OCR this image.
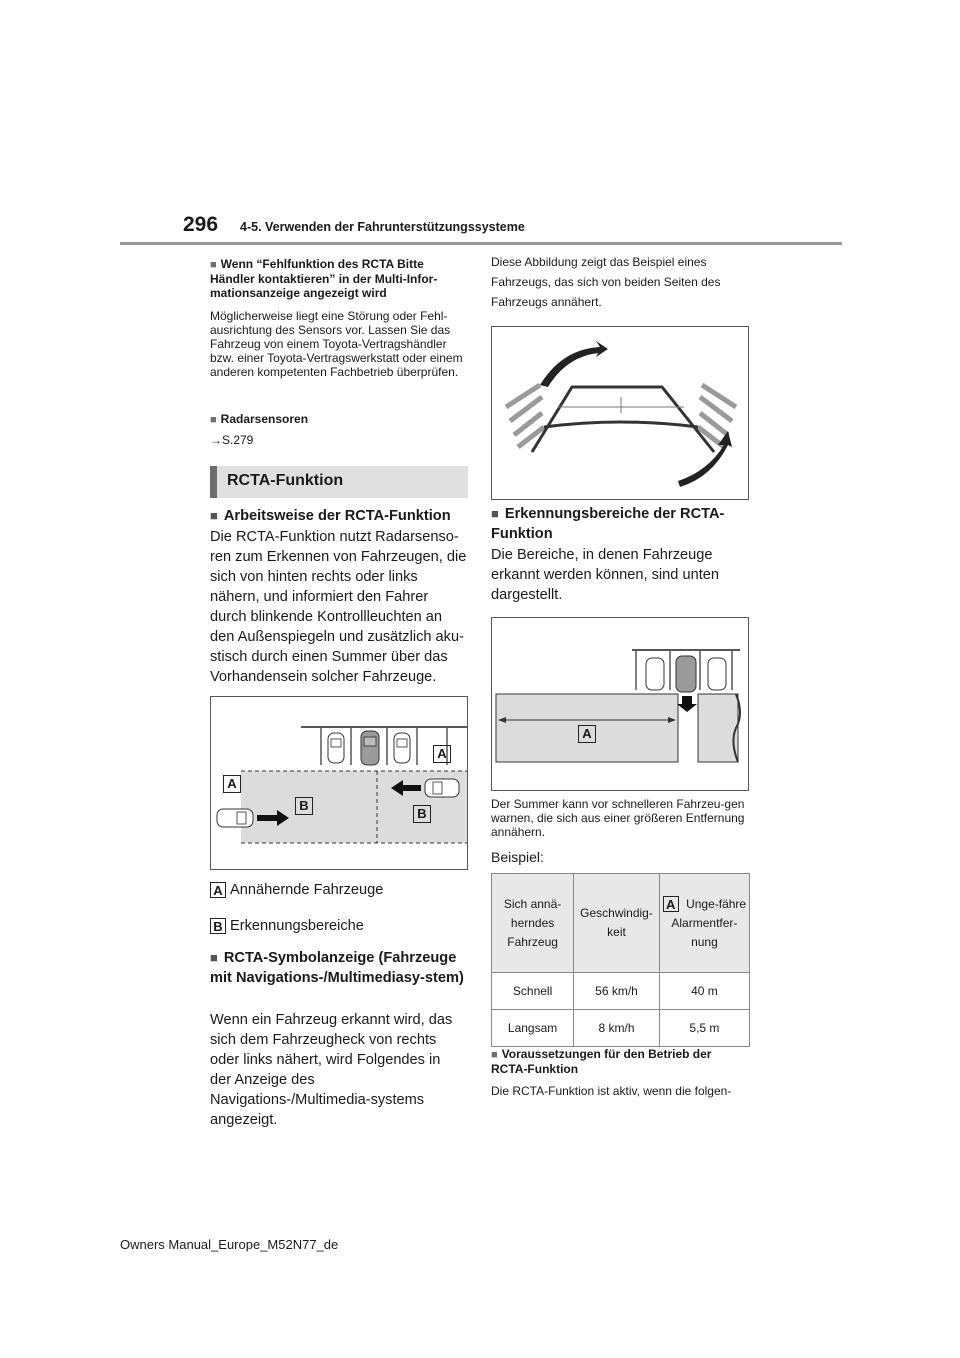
296 4-5. Verwenden der Fahrunterstützungssysteme
■ Wenn “Fehlfunktion des RCTA Bitte Händler kontaktieren” in der Multi-Infor-mationsanzeige angezeigt wird
Möglicherweise liegt eine Störung oder Fehl-ausrichtung des Sensors vor. Lassen Sie das Fahrzeug von einem Toyota-Vertragshändler bzw. einer Toyota-Vertragswerkstatt oder einem anderen kompetenten Fachbetrieb überprüfen.
■ Radarsensoren
→S.279
RCTA-Funktion
■ Arbeitsweise der RCTA-Funktion
Die RCTA-Funktion nutzt Radarsenso-ren zum Erkennen von Fahrzeugen, die sich von hinten rechts oder links nähern, und informiert den Fahrer durch blinkende Kontrollleuchten an den Außenspiegeln und zusätzlich aku-stisch durch einen Summer über das Vorhandensein solcher Fahrzeuge.
A
A
B
B
A Annähernde Fahrzeuge
B Erkennungsbereiche
■ RCTA-Symbolanzeige (Fahrzeuge mit Navigations-/Multimediasy-stem)
Wenn ein Fahrzeug erkannt wird, das sich dem Fahrzeugheck von rechts oder links nähert, wird Folgendes in der Anzeige des Navigations-/Multimedia-systems angezeigt.
Diese Abbildung zeigt das Beispiel eines Fahrzeugs, das sich von beiden Seiten des Fahrzeugs annähert.
■ Erkennungsbereiche der RCTA-Funktion
Die Bereiche, in denen Fahrzeuge erkannt werden können, sind unten dargestellt.
A
Der Summer kann vor schnelleren Fahrzeu-gen warnen, die sich aus einer größeren Entfernung annähern.
Beispiel:
Sich annä-herndes Fahrzeug	Geschwindig-keit	A Unge-fähre Alarmentfer-nung
Schnell	56 km/h	40 m
Langsam	8 km/h	5,5 m
■ Voraussetzungen für den Betrieb der RCTA-Funktion
Die RCTA-Funktion ist aktiv, wenn die folgen-
Owners Manual_Europe_M52N77_de
